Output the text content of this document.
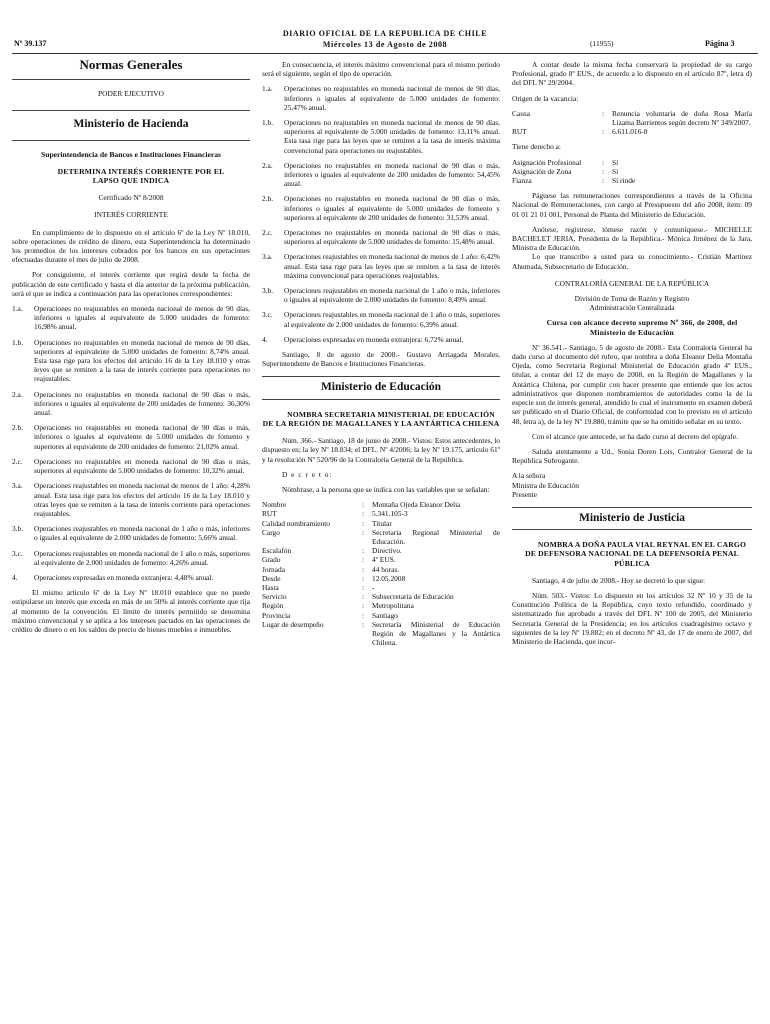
Nº 39.137
DIARIO OFICIAL DE LA REPUBLICA DE CHILE
Miércoles 13 de Agosto de 2008	(11955)	Página 3
Normas Generales

PODER EJECUTIVO

Ministerio de Hacienda

Superintendencia de Bancos e Instituciones Financieras

DETERMINA INTERÉS CORRIENTE POR EL LAPSO QUE INDICA

Certificado Nº 8/2008

INTERÉS CORRIENTE

En cumplimiento de lo dispuesto en el artículo 6º de la Ley Nº 18.010, sobre operaciones de crédito de dinero, esta Superintendencia ha determinado los promedios de los intereses cobrados por los bancos en sus operaciones efectuadas durante el mes de julio de 2008.

Por consiguiente, el interés corriente que regirá desde la fecha de publicación de este certificado y hasta el día anterior de la próxima publicación, será el que se indica a continuación para las operaciones correspondientes:

1.a.	Operaciones no reajustables en moneda nacional de menos de 90 días, inferiores o iguales al equivalente de 5.000 unidades de fomento: 16,98% anual.
1.b.	Operaciones no reajustables en moneda nacional de menos de 90 días, superiores al equivalente de 5.000 unidades de fomento: 8,74% anual. Esta tasa rige para los efectos del artículo 16 de la Ley 18.010 y otras leyes que se remiten a la tasa de interés corriente para operaciones no reajustables.
2.a.	Operaciones no reajustables en moneda nacional de 90 días o más, inferiores o iguales al equivalente de 200 unidades de fomento: 36,30% anual.
2.b.	Operaciones no reajustables en moneda nacional de 90 días o más, inferiores o iguales al equivalente de 5.000 unidades de fomento y superiores al equivalente de 200 unidades de fomento: 21,02% anual.
2.c.	Operaciones no reajustables en moneda nacional de 90 días o más, superiores al equivalente de 5.000 unidades de fomento: 10,32% anual.
3.a.	Operaciones reajustables en moneda nacional de menos de 1 año: 4,28% anual. Esta tasa rige para los efectos del artículo 16 de la Ley 18.010 y otras leyes que se remiten a la tasa de interés corriente para operaciones reajustables.
3.b.	Operaciones reajustables en moneda nacional de 1 año o más, inferiores o iguales al equivalente de 2.000 unidades de fomento: 5,66% anual.
3.c.	Operaciones reajustables en moneda nacional de 1 año o más, superiores al equivalente de 2.000 unidades de fomento: 4,26% anual.
4.	Operaciones expresadas en moneda extranjera: 4,48% anual.

El mismo artículo 6º de la Ley Nº 18.010 establece que no puede estipularse un interés que exceda en más de un 50% al interés corriente que rija al momento de la convención. El límite de interés permitido se denomina máximo convencional y se aplica a los intereses pactados en las operaciones de crédito de dinero o en los saldos de precio de bienes muebles e inmuebles.

En consecuencia, el interés máximo convencional para el mismo período será el siguiente, según el tipo de operación.

1.a.	Operaciones no reajustables en moneda nacional de menos de 90 días, inferiores o iguales al equivalente de 5.000 unidades de fomento: 25,47% anual.
1.b.	Operaciones no reajustables en moneda nacional de menos de 90 días, superiores al equivalente de 5.000 unidades de fomento: 13,11% anual. Esta tasa rige para las leyes que se remiten a la tasa de interés máxima convencional para operaciones no reajustables.
2.a.	Operaciones no reajustables en moneda nacional de 90 días o más, inferiores o iguales al equivalente de 200 unidades de fomento: 54,45% anual.
2.b.	Operaciones no reajustables en moneda nacional de 90 días o más, inferiores o iguales al equivalente de 5.000 unidades de fomento y superiores al equivalente de 200 unidades de fomento: 31,53% anual.
2.c.	Operaciones no reajustables en moneda nacional de 90 días o más, superiores al equivalente de 5.000 unidades de fomento: 15,48% anual.
3.a.	Operaciones reajustables en moneda nacional de menos de 1 año: 6,42% anual. Esta tasa rige para las leyes que se remiten a la tasa de interés máxima convencional para operaciones reajustables.
3.b.	Operaciones reajustables en moneda nacional de 1 año o más, inferiores o iguales al equivalente de 2.000 unidades de fomento: 8,49% anual.
3.c.	Operaciones reajustables en moneda nacional de 1 año o más, superiores al equivalente de 2.000 unidades de fomento: 6,39% anual.
4.	Operaciones expresadas en moneda extranjera: 6,72% anual.

Santiago, 8 de agosto de 2008.- Gustavo Arriagada Morales, Superintendente de Bancos e Instituciones Financieras.

Ministerio de Educación

NOMBRA SECRETARIA MINISTERIAL DE EDUCACIÓN DE LA REGIÓN DE MAGALLANES Y LA ANTÁRTICA CHILENA

Núm. 366.- Santiago, 18 de junio de 2008.- Vistos: Estos antecedentes, lo dispuesto en; la ley Nº 18.834; el DFL. Nº 4/2006; la ley Nº 19.175, artículo 61º y la resolución Nº 520/96 de la Contraloría General de la República.

D e c r e t o:

Nómbrase, a la persona que se indica con las variables que se señalan:

Nombre	:	Montaña Ojeda Eleanor Delia
RUT	:	5.341.105-3
Calidad nombramiento	:	Titular
Cargo	:	Secretaria Regional Ministerial de Educación.
Escalafón	:	Directivo.
Grado	:	4º EUS.
Jornada	:	44 horas.
Desde	:	12.05.2008
Hasta	:	-
Servicio	:	Subsecretaría de Educación
Región	:	Metropolitana
Provincia	:	Santiago
Lugar de desempeño	:	Secretaría Ministerial de Educación Región de Magallanes y la Antártica Chilena.

A contar desde la misma fecha conservará la propiedad de su cargo Profesional, grado 8º EUS., de acuerdo a lo dispuesto en el artículo 87º, letra d) del DFL Nº 29/2004.

Origen de la vacancia:

Causa	:	Renuncia voluntaria de doña Rosa María Lizama Barrientos según decreto Nº 349/2007.
RUT	:	6.611.016-8

Tiene derecho a:

Asignación Profesional	:	Sí
Asignación de Zona	:	Sí
Fianza	:	Sí rinde

Páguese las remuneraciones correspondientes a través de la Oficina Nacional de Remuneraciones, con cargo al Presupuesto del año 2008, ítem: 09 01 01 21 01 001, Personal de Planta del Ministerio de Educación.

Anótese, regístrese, tómese razón y comuníquese.- MICHELLE BACHELET JERIA, Presidenta de la República.- Mónica Jiménez de la Jara, Ministra de Educación.

Lo que transcribo a usted para su conocimiento.- Cristián Martínez Ahumada, Subsecretario de Educación.

CONTRALORÍA GENERAL DE LA REPÚBLICA

División de Toma de Razón y Registro Administración Centralizada

Cursa con alcance decreto supremo Nº 366, de 2008, del Ministerio de Educación

Nº 36.541.- Santiago, 5 de agosto de 2008.- Esta Contraloría General ha dado curso al documento del rubro, que nombra a doña Eleanor Delia Montaña Ojeda, como Secretaria Regional Ministerial de Educación grado 4º EUS., titular, a contar del 12 de mayo de 2008, en la Región de Magallanes y la Antártica Chilena, por cumplir con hacer presente que entiende que los actos administrativos que disponen nombramientos de autoridades como la de la especie son de interés general, atendido lo cual el instrumento en examen deberá ser publicado en el Diario Oficial, de conformidad con lo previsto en el artículo 48, letra a), de la ley Nº 19.880, trámite que se ha omitido señalar en su texto.

Con el alcance que antecede, se ha dado curso al decreto del epígrafe.

Saluda atentamente a Ud., Sonia Doren Lois, Contralor General de la República Subrogante.

A la señora
Ministra de Educación
Presente
Ministerio de Justicia

NOMBRA A DOÑA PAULA VIAL REYNAL EN EL CARGO DE DEFENSORA NACIONAL DE LA DEFENSORÍA PENAL PÚBLICA

Santiago, 4 de julio de 2008.- Hoy se decretó lo que sigue:

Núm. 503.- Vistos: Lo dispuesto en los artículos 32 Nº 10 y 35 de la Constitución Política de la República, cuyo texto refundido, coordinado y sistematizado fue aprobado a través del DFL Nº 100 de 2005, del Ministerio Secretaría General de la Presidencia; en los artículos cuadragésimo octavo y siguientes de la ley Nº 19.882; en el decreto Nº 43, de 17 de enero de 2007, del Ministerio de Hacienda, que incor-
